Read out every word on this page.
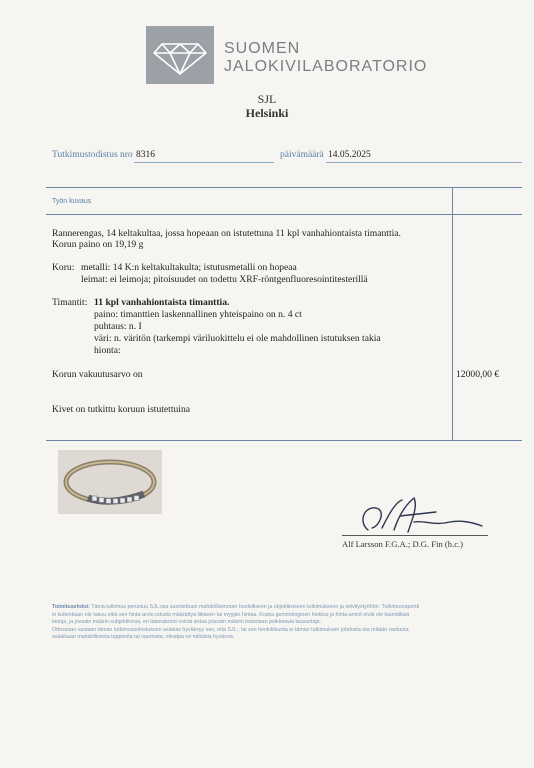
SUOMEN
JALOKIVILABORATORIO
SJL
Helsinki
Tutkimustodistus nro 8316	päivämäärä 14.05.2025
Työn kuvaus
Rannerengas, 14 keltakultaa, jossa hopeaan on istutettuna 11 kpl vanhahiontaista timanttia.
Korun paino on 19,19 g
Koru: metalli: 14 K:n keltakultakulta; istutusmetalli on hopeaa
leimat: ei leimoja; pitoisuudet on todettu XRF-röntgenfluoresointitesterillä
Timantit: 11 kpl vanhahiontaista timanttia.
paino: timanttien laskennallinen yhteispaino on n. 4 ct
puhtaus: n. I
väri: n. väritön (tarkempi väriluokittelu ei ole mahdollinen istutuksen takia
hionta:
Korun vakuutusarvo on	12000,00 €
Kivet on tutkittu koruun istutettuina
Alf Larsson F.G.A.; D.G. Fin (h.c.)
Toimitusehdot: Tämä tutkimus perustuu SJL:ssa suoritettuun mahdollisimman huolelliseen ja objektiiviseen tutkimukseen ja selvitystyöhön. Tutkimusraportti
ei kuitenkaan ole takuu eikä sen hinta-arvio odusta määrättyä liikkeen tai myyjän hintaa. Koska gemmologinen hioktus ja hinta-arviot eivät ole täsmällisiä
tietoja, ja jossain määrin subjektiivisia, eri laboratoriot voivat antaa joissain määrin toisistaan poikkeavia lausuntoja.
Ottessaan vastaan tämän tutkimusselostuksen asiakas hyväksyy sen, että SJL:, tai sen henkilökunta ei tämän tutkimuksen johdosta ota mitään vastuuta
asiakkaan mahdollisesta tappiosta tai vauriosta, olivatpa ne millaisia hyvänsä.
